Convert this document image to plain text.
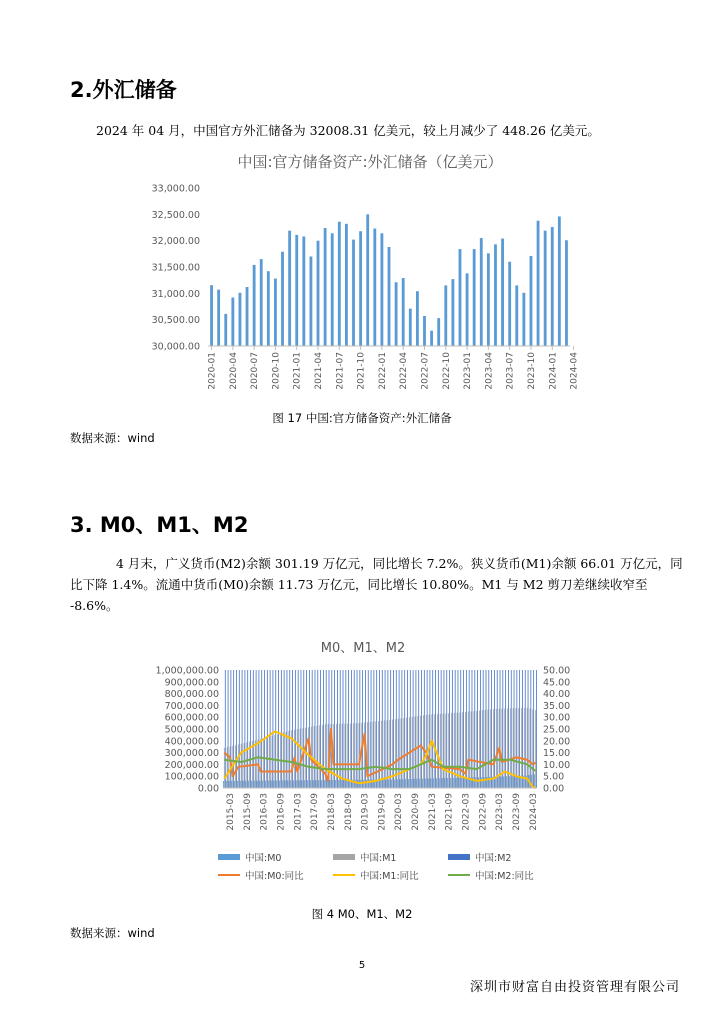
2.外汇储备
2024 年 04 月，中国官方外汇储备为 32008.31 亿美元，较上月减少了 448.26 亿美元。
中国:官方储备资产:外汇储备（亿美元）
33,000.00
32,500.00
32,000.00
31,500.00
31,000.00
30,500.00
30,000.00
2020-01 2020-04 2020-07 2020-10 2021-01 2021-04 2021-07 2021-10 2022-01 2022-04 2022-07 2022-10 2023-01 2023-04 2023-07 2023-10 2024-01 2024-04
图 17 中国:官方储备资产:外汇储备
数据来源：wind
3. M0、M1、M2
4 月末，广义货币(M2)余额 301.19 万亿元，同比增长 7.2%。狭义货币(M1)余额 66.01 万亿元，同
比下降 1.4%。流通中货币(M0)余额 11.73 万亿元，同比增长 10.80%。M1 与 M2 剪刀差继续收窄至
-8.6%。
M0、M1、M2
1,000,000.00
900,000.00
800,000.00
700,000.00
600,000.00
500,000.00
400,000.00
300,000.00
200,000.00
100,000.00
0.00
50.00
45.00
40.00
35.00
30.00
25.00
20.00
15.00
10.00
5.00
0.00
2015-03 2015-09 2016-03 2016-09 2017-03 2017-09 2018-03 2018-09 2019-03 2019-09 2020-03 2020-09 2021-03 2021-09 2022-03 2022-09 2023-03 2023-09 2024-03
中国:M0	中国:M1	中国:M2
中国:M0:同比	中国:M1:同比	中国:M2:同比
图 4 M0、M1、M2
数据来源：wind
5
深圳市财富自由投资管理有限公司
